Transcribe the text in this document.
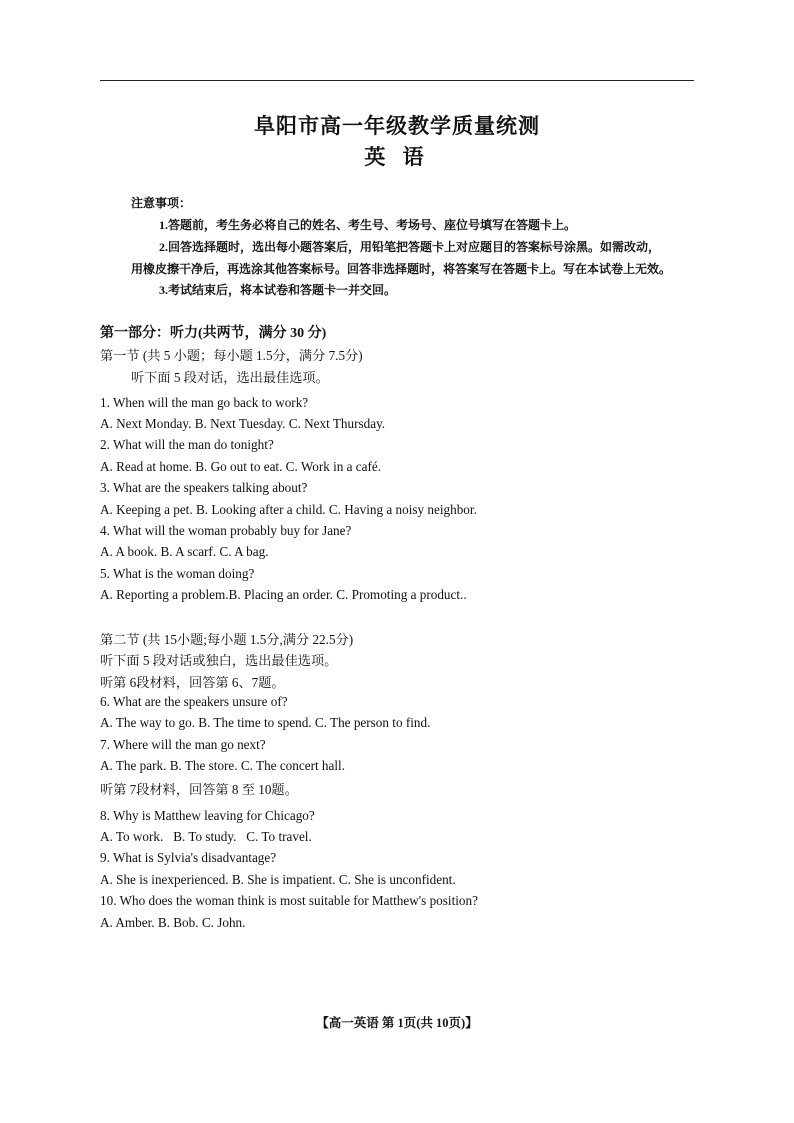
阜阳市高一年级教学质量统测
英 语
注意事项：
1.答题前，考生务必将自己的姓名、考生号、考场号、座位号填写在答题卡上。
2.回答选择题时，选出每小题答案后，用铅笔把答题卡上对应题目的答案标号涂黑。如需改动，
用橡皮擦干净后，再选涂其他答案标号。回答非选择题时，将答案写在答题卡上。写在本试卷上无效。
3.考试结束后，将本试卷和答题卡一并交回。
第一部分：听力(共两节，满分 30 分)
第一节 (共 5 小题；每小题 1.5分，满分 7.5分)
听下面 5 段对话，选出最佳选项。
1. When will the man go back to work?
A. Next Monday. B. Next Tuesday. C. Next Thursday.
2. What will the man do tonight?
A. Read at home. B. Go out to eat. C. Work in a café.
3. What are the speakers talking about?
A. Keeping a pet. B. Looking after a child. C. Having a noisy neighbor.
4. What will the woman probably buy for Jane?
A. A book. B. A scarf. C. A bag.
5. What is the woman doing?
A. Reporting a problem.B. Placing an order. C. Promoting a product..
第二节 (共 15小题;每小题 1.5分,满分 22.5分)
听下面 5 段对话或独白，选出最佳选项。
听第 6段材料，回答第 6、7题。
6. What are the speakers unsure of?
A. The way to go. B. The time to spend. C. The person to find.
7. Where will the man go next?
A. The park. B. The store. C. The concert hall.
听第 7段材料，回答第 8 至 10题。
8. Why is Matthew leaving for Chicago?
A. To work.   B. To study.   C. To travel.
9. What is Sylvia's disadvantage?
A. She is inexperienced. B. She is impatient. C. She is unconfident.
10. Who does the woman think is most suitable for Matthew's position?
A. Amber. B. Bob. C. John.
【高一英语 第 1页(共 10页)】
